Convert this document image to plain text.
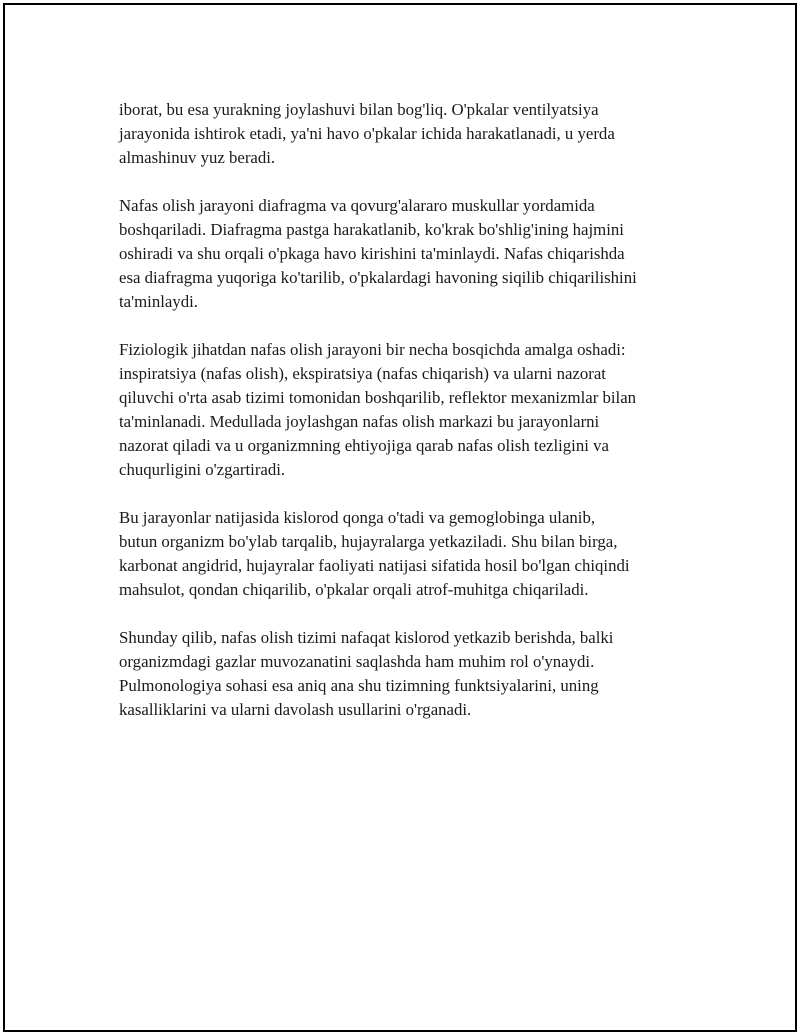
iborat, bu esa yurakning joylashuvi bilan bog'liq. O'pkalar ventilyatsiya
jarayonida ishtirok etadi, ya'ni havo o'pkalar ichida harakatlanadi, u yerda
almashinuv yuz beradi.

Nafas olish jarayoni diafragma va qovurg'alararo muskullar yordamida
boshqariladi. Diafragma pastga harakatlanib, ko'krak bo'shlig'ining hajmini
oshiradi va shu orqali o'pkaga havo kirishini ta'minlaydi. Nafas chiqarishda
esa diafragma yuqoriga ko'tarilib, o'pkalardagi havoning siqilib chiqarilishini
ta'minlaydi.

Fiziologik jihatdan nafas olish jarayoni bir necha bosqichda amalga oshadi:
inspiratsiya (nafas olish), ekspiratsiya (nafas chiqarish) va ularni nazorat
qiluvchi o'rta asab tizimi tomonidan boshqarilib, reflektor mexanizmlar bilan
ta'minlanadi. Medullada joylashgan nafas olish markazi bu jarayonlarni
nazorat qiladi va u organizmning ehtiyojiga qarab nafas olish tezligini va
chuqurligini o'zgartiradi.

Bu jarayonlar natijasida kislorod qonga o'tadi va gemoglobinga ulanib,
butun organizm bo'ylab tarqalib, hujayralarga yetkaziladi. Shu bilan birga,
karbonat angidrid, hujayralar faoliyati natijasi sifatida hosil bo'lgan chiqindi
mahsulot, qondan chiqarilib, o'pkalar orqali atrof-muhitga chiqariladi.

Shunday qilib, nafas olish tizimi nafaqat kislorod yetkazib berishda, balki
organizmdagi gazlar muvozanatini saqlashda ham muhim rol o'ynaydi.
Pulmonologiya sohasi esa aniq ana shu tizimning funktsiyalarini, uning
kasalliklarini va ularni davolash usullarini o'rganadi.
